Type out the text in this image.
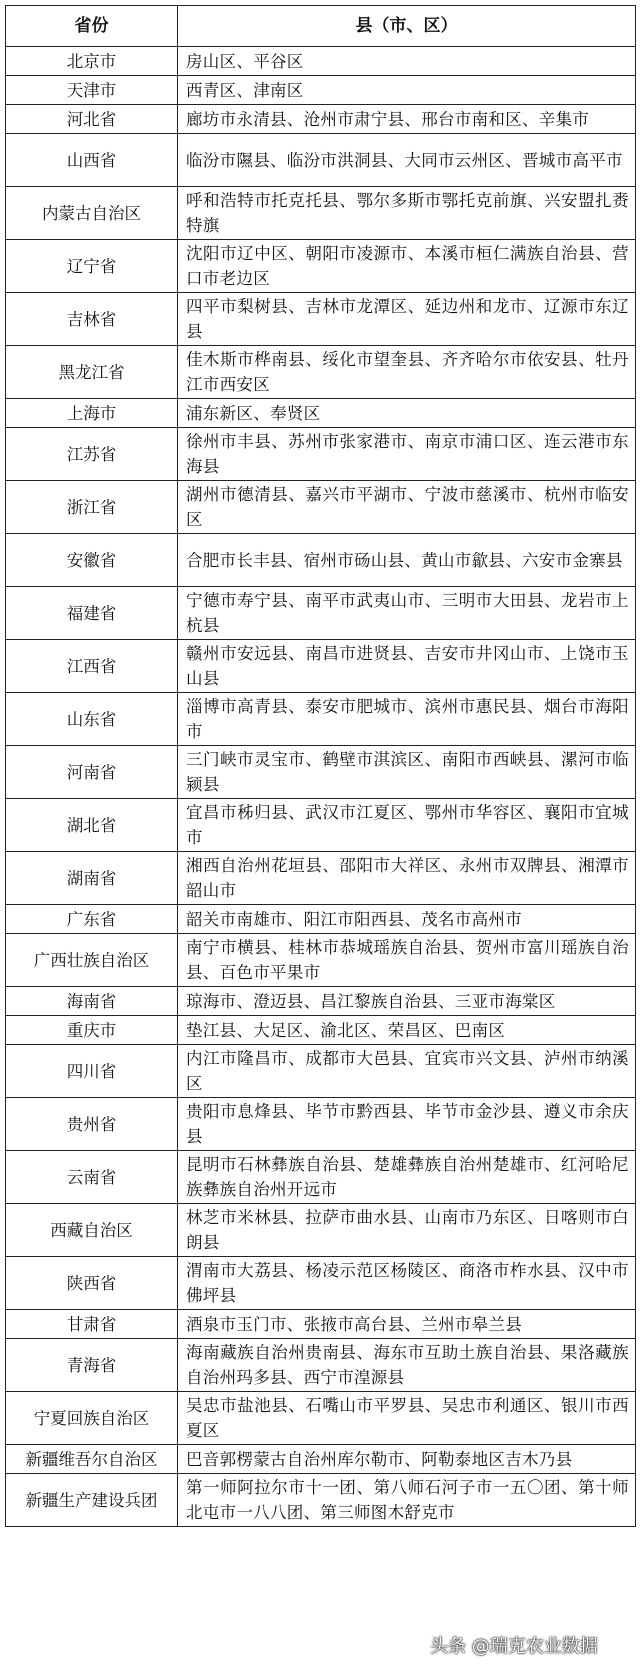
省份	县（市、区）
北京市	房山区、平谷区
天津市	西青区、津南区
河北省	廊坊市永清县、沧州市肃宁县、邢台市南和区、辛集市
山西省	临汾市隰县、临汾市洪洞县、大同市云州区、晋城市高平市
内蒙古自治区	呼和浩特市托克托县、鄂尔多斯市鄂托克前旗、兴安盟扎赉特旗
辽宁省	沈阳市辽中区、朝阳市凌源市、本溪市桓仁满族自治县、营口市老边区
吉林省	四平市梨树县、吉林市龙潭区、延边州和龙市、辽源市东辽县
黑龙江省	佳木斯市桦南县、绥化市望奎县、齐齐哈尔市依安县、牡丹江市西安区
上海市	浦东新区、奉贤区
江苏省	徐州市丰县、苏州市张家港市、南京市浦口区、连云港市东海县
浙江省	湖州市德清县、嘉兴市平湖市、宁波市慈溪市、杭州市临安区
安徽省	合肥市长丰县、宿州市砀山县、黄山市歙县、六安市金寨县
福建省	宁德市寿宁县、南平市武夷山市、三明市大田县、龙岩市上杭县
江西省	赣州市安远县、南昌市进贤县、吉安市井冈山市、上饶市玉山县
山东省	淄博市高青县、泰安市肥城市、滨州市惠民县、烟台市海阳市
河南省	三门峡市灵宝市、鹤壁市淇滨区、南阳市西峡县、漯河市临颍县
湖北省	宜昌市秭归县、武汉市江夏区、鄂州市华容区、襄阳市宜城市
湖南省	湘西自治州花垣县、邵阳市大祥区、永州市双牌县、湘潭市韶山市
广东省	韶关市南雄市、阳江市阳西县、茂名市高州市
广西壮族自治区	南宁市横县、桂林市恭城瑶族自治县、贺州市富川瑶族自治县、百色市平果市
海南省	琼海市、澄迈县、昌江黎族自治县、三亚市海棠区
重庆市	垫江县、大足区、渝北区、荣昌区、巴南区
四川省	内江市隆昌市、成都市大邑县、宜宾市兴文县、泸州市纳溪区
贵州省	贵阳市息烽县、毕节市黔西县、毕节市金沙县、遵义市余庆县
云南省	昆明市石林彝族自治县、楚雄彝族自治州楚雄市、红河哈尼族彝族自治州开远市
西藏自治区	林芝市米林县、拉萨市曲水县、山南市乃东区、日喀则市白朗县
陕西省	渭南市大荔县、杨凌示范区杨陵区、商洛市柞水县、汉中市佛坪县
甘肃省	酒泉市玉门市、张掖市高台县、兰州市皋兰县
青海省	海南藏族自治州贵南县、海东市互助土族自治县、果洛藏族自治州玛多县、西宁市湟源县
宁夏回族自治区	吴忠市盐池县、石嘴山市平罗县、吴忠市利通区、银川市西夏区
新疆维吾尔自治区	巴音郭楞蒙古自治州库尔勒市、阿勒泰地区吉木乃县
新疆生产建设兵团	第一师阿拉尔市十一团、第八师石河子市一五〇团、第十师北屯市一八八团、第三师图木舒克市
头条 @瑞克农业数据
